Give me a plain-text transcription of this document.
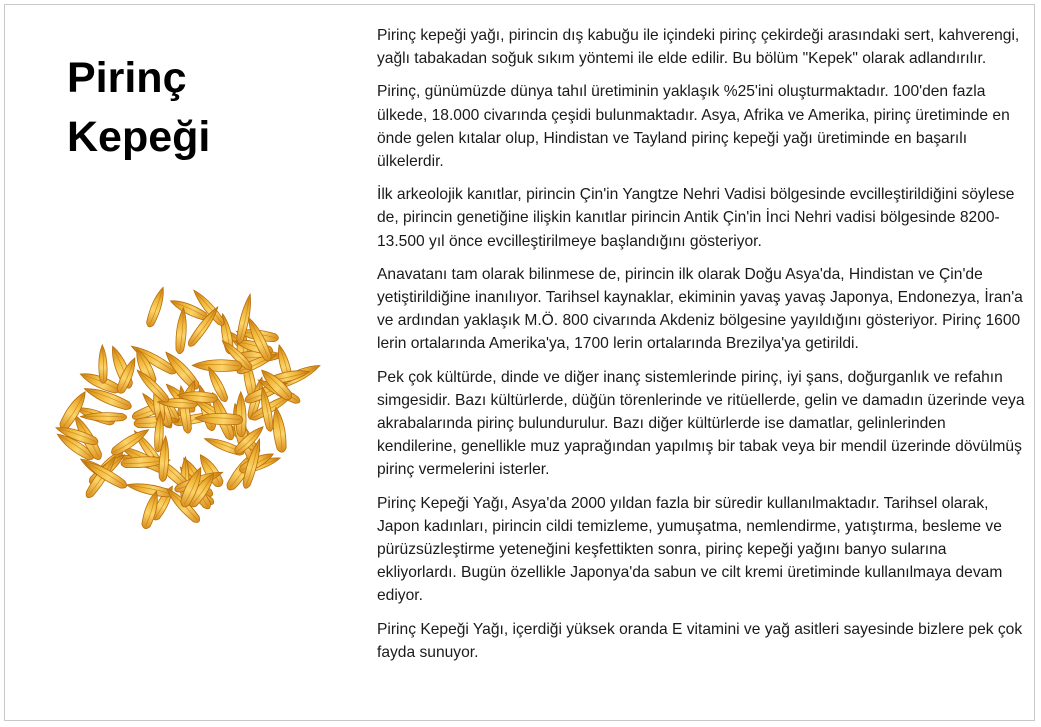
Pirinç
Kepeği

Pirinç kepeği yağı, pirincin dış kabuğu ile içindeki pirinç çekirdeği arasındaki sert, kahverengi, yağlı tabakadan soğuk sıkım yöntemi ile elde edilir. Bu bölüm "Kepek" olarak adlandırılır.

Pirinç, günümüzde dünya tahıl üretiminin yaklaşık %25'ini oluşturmaktadır. 100'den fazla ülkede, 18.000 civarında çeşidi bulunmaktadır. Asya, Afrika ve Amerika, pirinç üretiminde en önde gelen kıtalar olup, Hindistan ve Tayland pirinç kepeği yağı üretiminde en başarılı ülkelerdir.

İlk arkeolojik kanıtlar, pirincin Çin'in Yangtze Nehri Vadisi bölgesinde evcilleştirildiğini söylese de, pirincin genetiğine ilişkin kanıtlar pirincin Antik Çin'in İnci Nehri vadisi bölgesinde 8200-13.500 yıl önce evcilleştirilmeye başlandığını gösteriyor.

Anavatanı tam olarak bilinmese de, pirincin ilk olarak Doğu Asya'da, Hindistan ve Çin'de yetiştirildiğine inanılıyor. Tarihsel kaynaklar, ekiminin yavaş yavaş Japonya, Endonezya, İran'a ve ardından yaklaşık M.Ö. 800 civarında Akdeniz bölgesine yayıldığını gösteriyor. Pirinç 1600 lerin ortalarında Amerika'ya, 1700 lerin ortalarında Brezilya'ya getirildi.

Pek çok kültürde, dinde ve diğer inanç sistemlerinde pirinç, iyi şans, doğurganlık ve refahın simgesidir. Bazı kültürlerde, düğün törenlerinde ve ritüellerde, gelin ve damadın üzerinde veya akrabalarında pirinç bulundurulur. Bazı diğer kültürlerde ise damatlar, gelinlerinden kendilerine, genellikle muz yaprağından yapılmış bir tabak veya bir mendil üzerinde dövülmüş pirinç vermelerini isterler.

Pirinç Kepeği Yağı, Asya'da 2000 yıldan fazla bir süredir kullanılmaktadır. Tarihsel olarak, Japon kadınları, pirincin cildi temizleme, yumuşatma, nemlendirme, yatıştırma, besleme ve pürüzsüzleştirme yeteneğini keşfettikten sonra, pirinç kepeği yağını banyo sularına ekliyorlardı. Bugün özellikle Japonya'da sabun ve cilt kremi üretiminde kullanılmaya devam ediyor.

Pirinç Kepeği Yağı, içerdiği yüksek oranda E vitamini ve yağ asitleri sayesinde bizlere pek çok fayda sunuyor.
